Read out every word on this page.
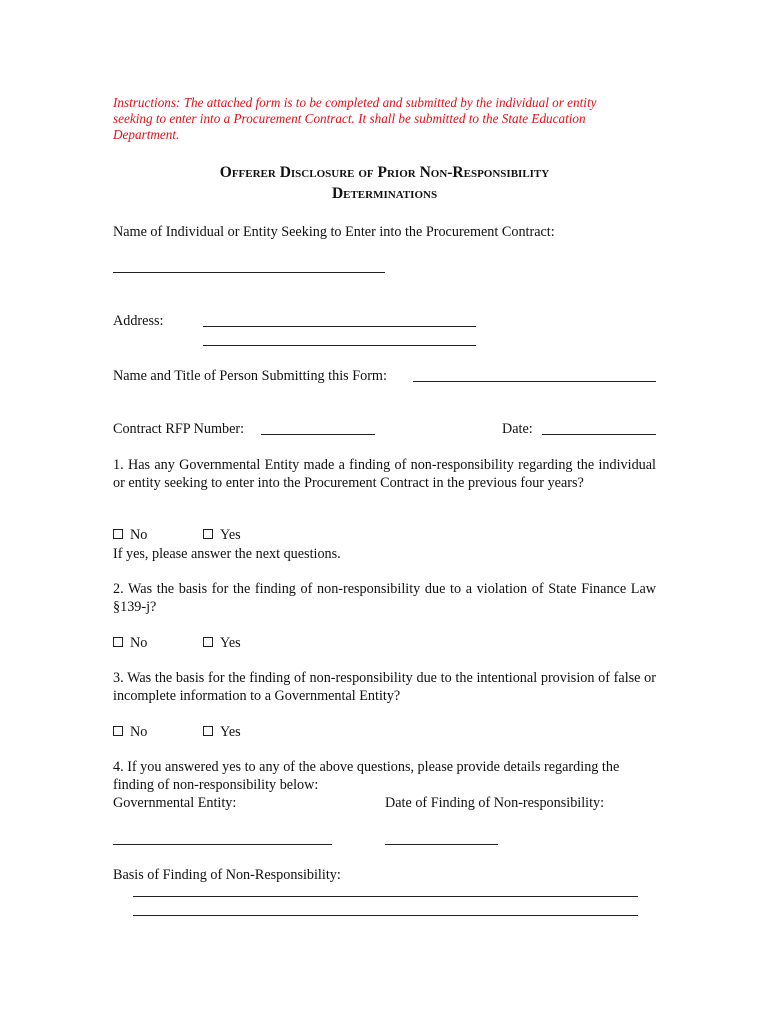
Instructions: The attached form is to be completed and submitted by the individual or entity
seeking to enter into a Procurement Contract. It shall be submitted to the State Education
Department.
Offerer Disclosure of Prior Non-Responsibility
Determinations
Name of Individual or Entity Seeking to Enter into the Procurement Contract:
Address:
Name and Title of Person Submitting this Form:
Contract RFP Number:	Date:
1. Has any Governmental Entity made a finding of non-responsibility regarding the individual or entity seeking to enter into the Procurement Contract in the previous four years?
No	Yes
If yes, please answer the next questions.
2. Was the basis for the finding of non-responsibility due to a violation of State Finance Law §139-j?
No	Yes
3. Was the basis for the finding of non-responsibility due to the intentional provision of false or incomplete information to a Governmental Entity?
No	Yes
4. If you answered yes to any of the above questions, please provide details regarding the finding of non-responsibility below:
Governmental Entity:	Date of Finding of Non-responsibility:
Basis of Finding of Non-Responsibility:
